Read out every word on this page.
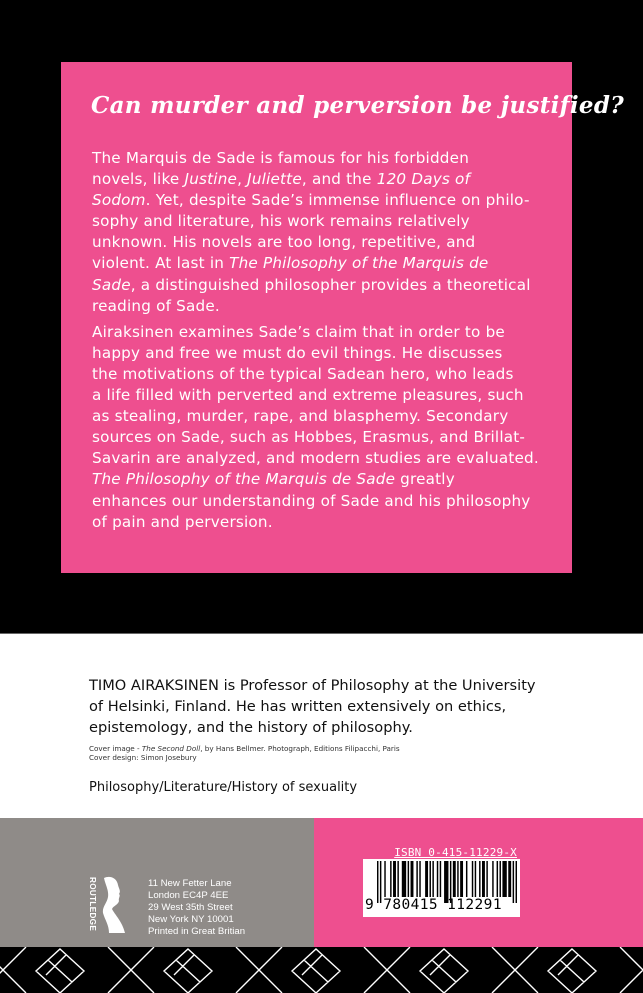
Can murder and perversion be justified?

The Marquis de Sade is famous for his forbidden
novels, like Justine, Juliette, and the 120 Days of
Sodom. Yet, despite Sade’s immense influence on philo-
sophy and literature, his work remains relatively
unknown. His novels are too long, repetitive, and
violent. At last in The Philosophy of the Marquis de
Sade, a distinguished philosopher provides a theoretical
reading of Sade.

Airaksinen examines Sade’s claim that in order to be
happy and free we must do evil things. He discusses
the motivations of the typical Sadean hero, who leads
a life filled with perverted and extreme pleasures, such
as stealing, murder, rape, and blasphemy. Secondary
sources on Sade, such as Hobbes, Erasmus, and Brillat-
Savarin are analyzed, and modern studies are evaluated.
The Philosophy of the Marquis de Sade greatly
enhances our understanding of Sade and his philosophy
of pain and perversion.

TIMO AIRAKSINEN is Professor of Philosophy at the University
of Helsinki, Finland. He has written extensively on ethics,
epistemology, and the history of philosophy.
Cover image - The Second Doll, by Hans Bellmer. Photograph, Editions Filipacchi, Paris
Cover design: Simon Josebury
Philosophy/Literature/History of sexuality
ROUTLEDGE	11 New Fetter Lane
London EC4P 4EE
29 West 35th Street
New York NY 10001
Printed in Great Britian
ISBN 0-415-11229-X
9 780415 112291
